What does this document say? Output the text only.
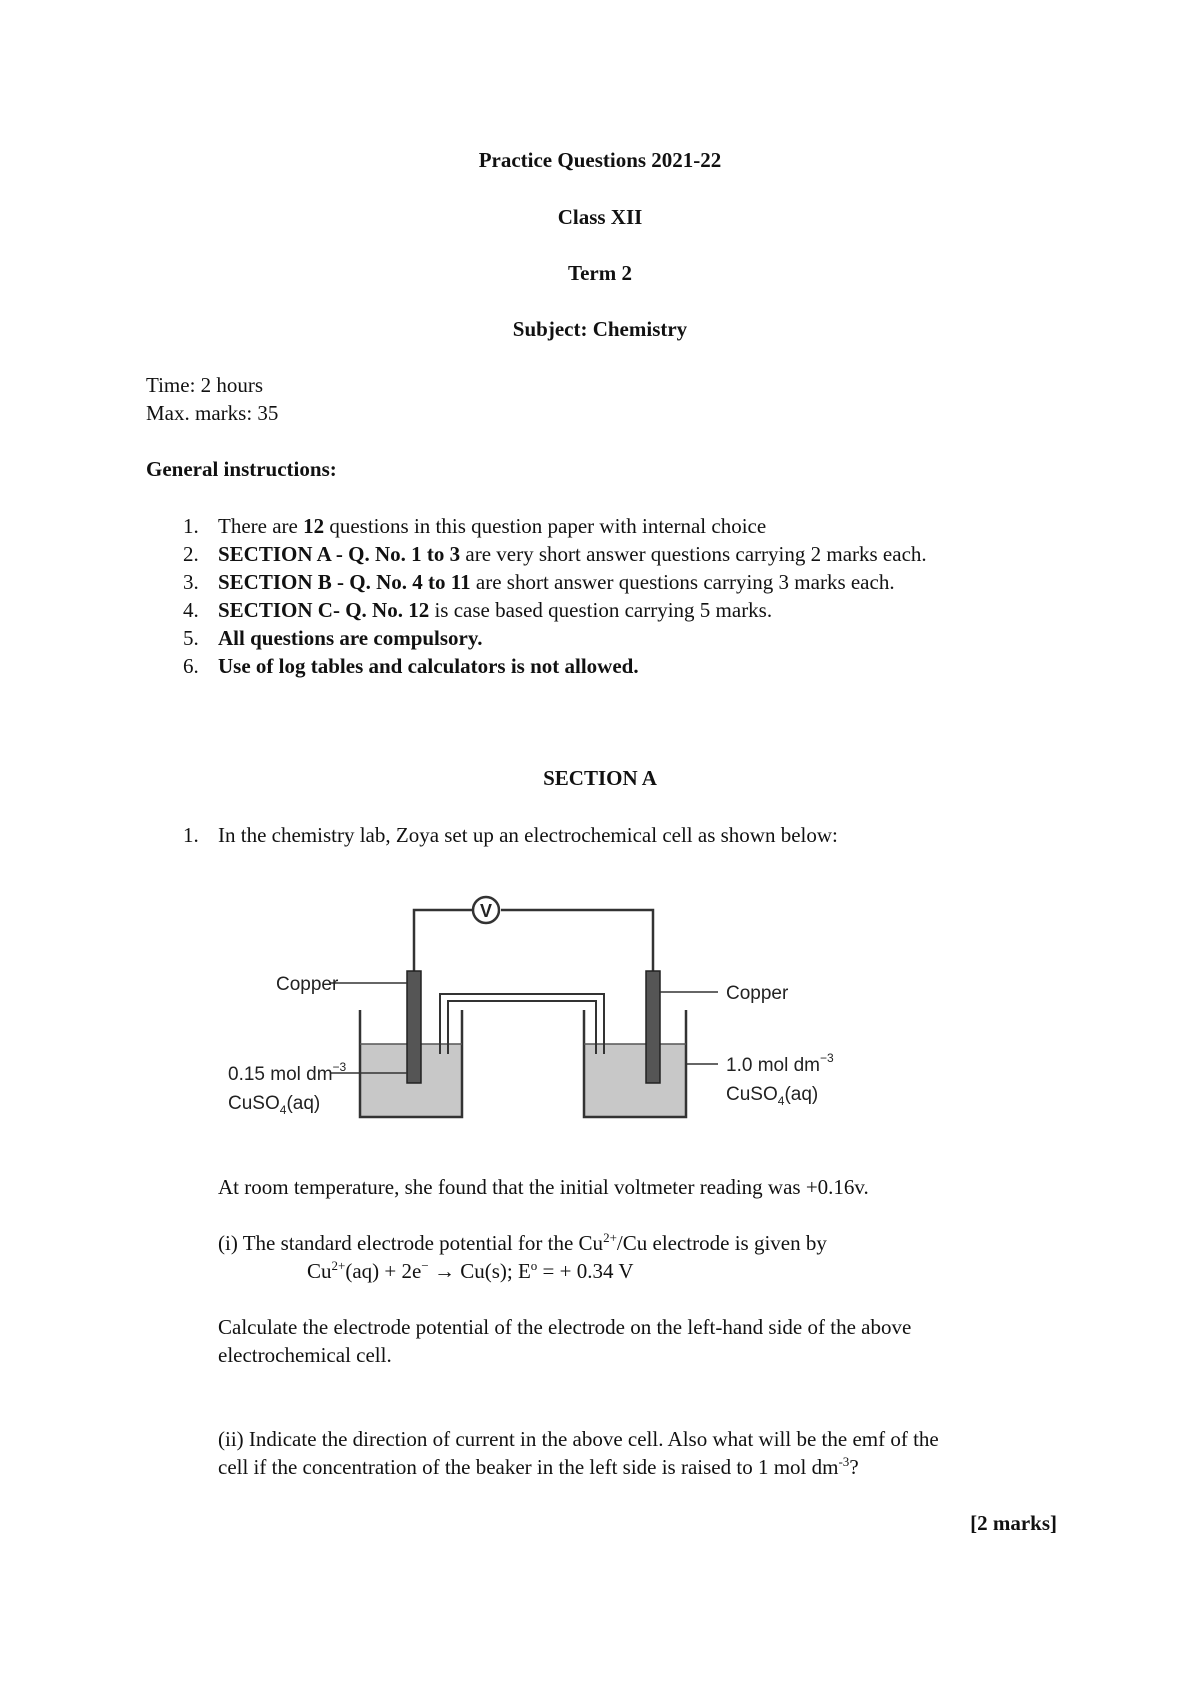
Practice Questions 2021-22
Class XII
Term 2
Subject: Chemistry
Time: 2 hours
Max. marks: 35
General instructions:
1. There are 12 questions in this question paper with internal choice
2. SECTION A - Q. No. 1 to 3 are very short answer questions carrying 2 marks each.
3. SECTION B - Q. No. 4 to 11 are short answer questions carrying 3 marks each.
4. SECTION C- Q. No. 12 is case based question carrying 5 marks.
5. All questions are compulsory.
6. Use of log tables and calculators is not allowed.
SECTION A
1. In the chemistry lab, Zoya set up an electrochemical cell as shown below:
V
Copper	Copper
0.15 mol $dm^{-3}$
CuSO$_4$(aq)
1.0 mol $dm^{-3}$
CuSO$_4$(aq)
At room temperature, she found that the initial voltmeter reading was +0.16v.
(i) The standard electrode potential for the $Cu^{2+}/Cu$ electrode is given by
$Cu^{2+}(aq) + 2e^- \to Cu(s)$; $E^o$ = + 0.34 V
Calculate the electrode potential of the electrode on the left-hand side of the above
electrochemical cell.
(ii) Indicate the direction of current in the above cell. Also what will be the emf of the
cell if the concentration of the beaker in the left side is raised to 1 mol $dm^{-3}$?
[2 marks]
